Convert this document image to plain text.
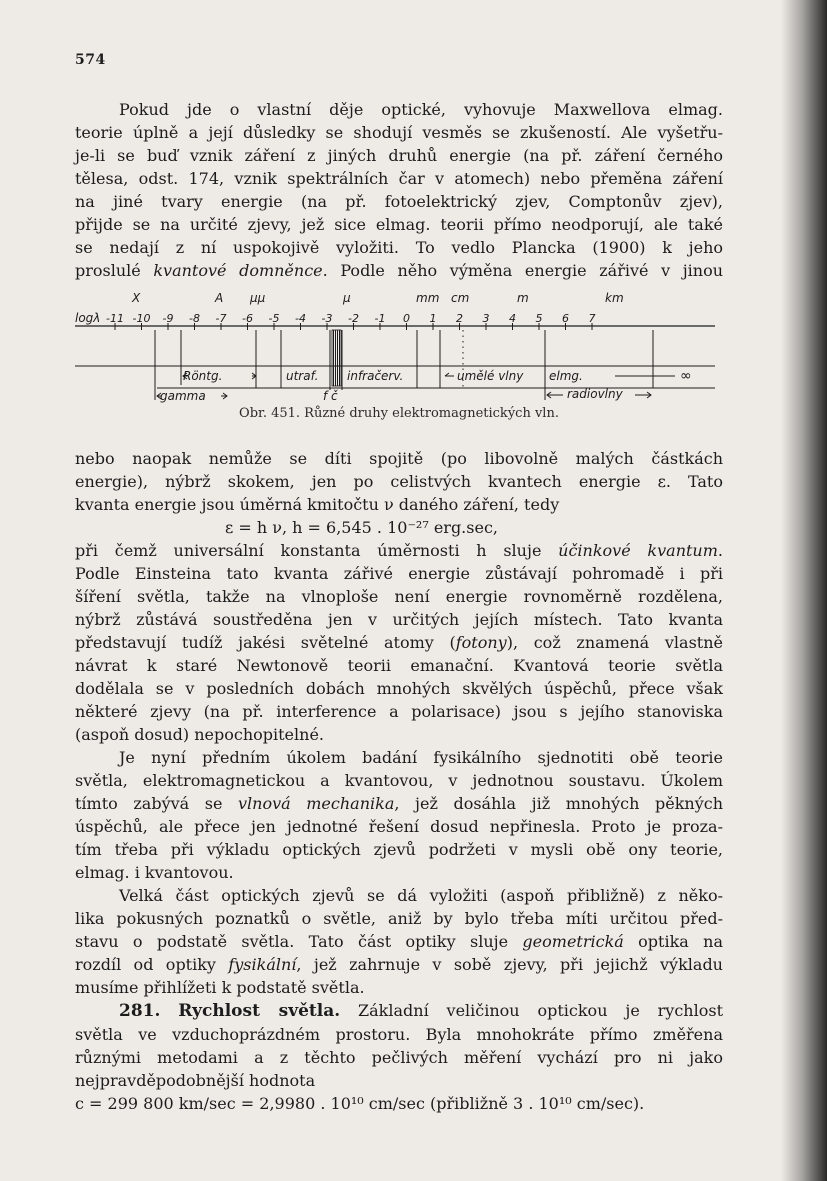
574
Pokud jde o vlastní děje optické, vyhovuje Maxwellova elmag.
teorie úplně a její důsledky se shodují vesměs se zkušeností. Ale vyšetřu-
je-li se buď vznik záření z jiných druhů energie (na př. záření černého
tělesa, odst. 174, vznik spektrálních čar v atomech) nebo přeměna záření
na jiné tvary energie (na př. fotoelektrický zjev, Comptonův zjev),
přijde se na určité zjevy, jež sice elmag. teorii přímo neodporují, ale také
se nedají z ní uspokojivě vyložiti. To vedlo Plancka (1900) k jeho
proslulé kvantové domněnce. Podle něho výměna energie zářivé v jinou
X	A μμ	μ	mm cm	m	km
logλ -11 -10 -9 -8 -7 -6 -5 -4 -3 -2 -1 0 1 2 3 4 5 6 7
Röntg.
gamma
utraf.
f č
infračerv.	umělé vlny elmg.
radiovlny
∞
Obr. 451. Různé druhy elektromagnetických vln.
nebo naopak nemůže se díti spojitě (po libovolně malých částkách
energie), nýbrž skokem, jen po celistvých kvantech energie ε. Tato
kvanta energie jsou úměrná kmitočtu ν daného záření, tedy
ε = h ν, h = 6,545 . 10⁻²⁷ erg.sec,
při čemž universální konstanta úměrnosti h sluje účinkové kvantum.
Podle Einsteina tato kvanta zářivé energie zůstávají pohromadě i při
šíření světla, takže na vlnoploše není energie rovnoměrně rozdělena,
nýbrž zůstává soustředěna jen v určitých jejích místech. Tato kvanta
představují tudíž jakési světelné atomy (fotony), což znamená vlastně
návrat k staré Newtonově teorii emanační. Kvantová teorie světla
dodělala se v posledních dobách mnohých skvělých úspěchů, přece však
některé zjevy (na př. interference a polarisace) jsou s jejího stanoviska
(aspoň dosud) nepochopitelné.
Je nyní předním úkolem badání fysikálního sjednotiti obě teorie
světla, elektromagnetickou a kvantovou, v jednotnou soustavu. Úkolem
tímto zabývá se vlnová mechanika, jež dosáhla již mnohých pěkných
úspěchů, ale přece jen jednotné řešení dosud nepřinesla. Proto je proza-
tím třeba při výkladu optických zjevů podržeti v mysli obě ony teorie,
elmag. i kvantovou.
Velká část optických zjevů se dá vyložiti (aspoň přibližně) z něko-
lika pokusných poznatků o světle, aniž by bylo třeba míti určitou před-
stavu o podstatě světla. Tato část optiky sluje geometrická optika na
rozdíl od optiky fysikální, jež zahrnuje v sobě zjevy, při jejichž výkladu
musíme přihlížeti k podstatě světla.
281. Rychlost světla. Základní veličinou optickou je rychlost
světla ve vzduchoprázdném prostoru. Byla mnohokráte přímo změřena
různými metodami a z těchto pečlivých měření vychází pro ni jako
nejpravděpodobnější hodnota
c = 299 800 km/sec = 2,9980 . 10¹⁰ cm/sec (přibližně 3 . 10¹⁰ cm/sec).
